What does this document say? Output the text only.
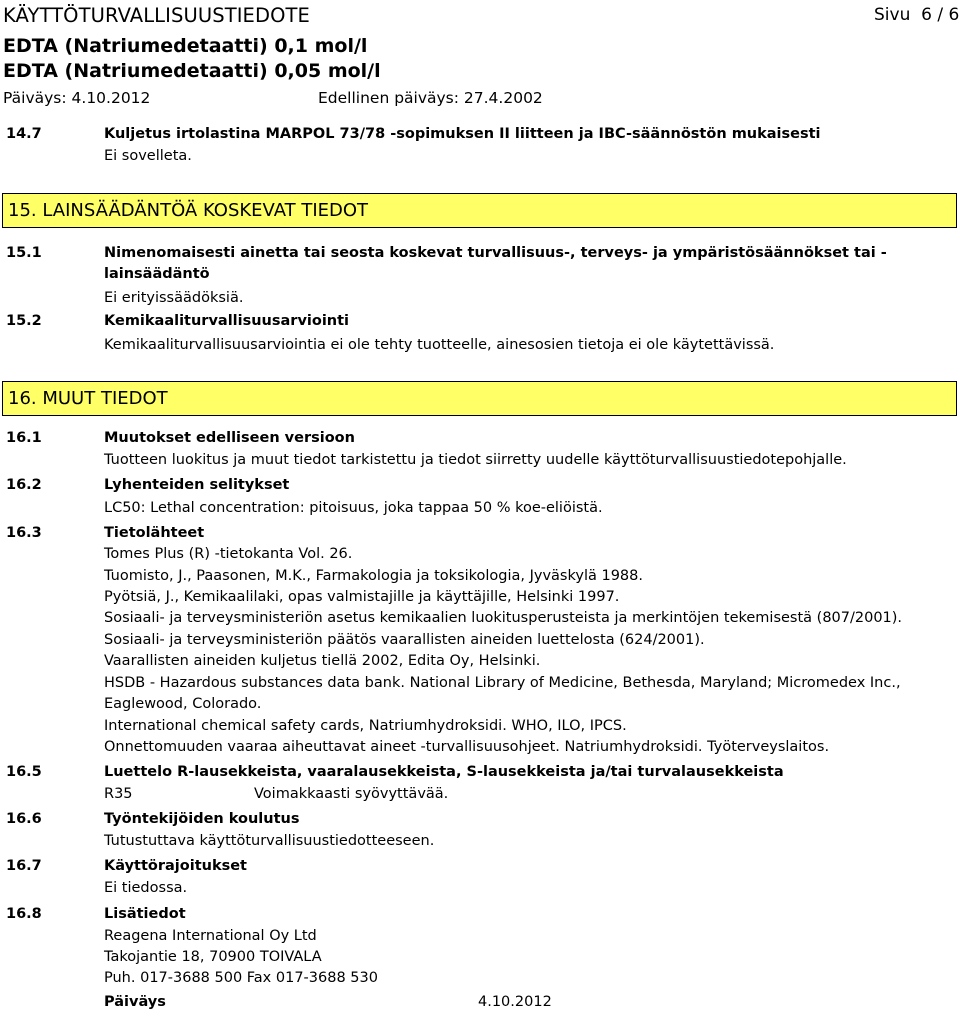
KÄYTTÖTURVALLISUUSTIEDOTE	Sivu 6 / 6
EDTA (Natriumedetaatti) 0,1 mol/l
EDTA (Natriumedetaatti) 0,05 mol/l
Päiväys: 4.10.2012	Edellinen päiväys: 27.4.2002
14.7	Kuljetus irtolastina MARPOL 73/78 -sopimuksen II liitteen ja IBC-säännöstön mukaisesti
Ei sovelleta.
15. LAINSÄÄDÄNTÖÄ KOSKEVAT TIEDOT
15.1	Nimenomaisesti ainetta tai seosta koskevat turvallisuus-, terveys- ja ympäristösäännökset tai -
lainsäädäntö
Ei erityissäädöksiä.
15.2	Kemikaaliturvallisuusarviointi
Kemikaaliturvallisuusarviointia ei ole tehty tuotteelle, ainesosien tietoja ei ole käytettävissä.
16. MUUT TIEDOT
16.1	Muutokset edelliseen versioon
Tuotteen luokitus ja muut tiedot tarkistettu ja tiedot siirretty uudelle käyttöturvallisuustiedotepohjalle.
16.2	Lyhenteiden selitykset
LC50: Lethal concentration: pitoisuus, joka tappaa 50 % koe-eliöistä.
16.3	Tietolähteet
Tomes Plus (R) -tietokanta Vol. 26.
Tuomisto, J., Paasonen, M.K., Farmakologia ja toksikologia, Jyväskylä 1988.
Pyötsiä, J., Kemikaalilaki, opas valmistajille ja käyttäjille, Helsinki 1997.
Sosiaali- ja terveysministeriön asetus kemikaalien luokitusperusteista ja merkintöjen tekemisestä (807/2001).
Sosiaali- ja terveysministeriön päätös vaarallisten aineiden luettelosta (624/2001).
Vaarallisten aineiden kuljetus tiellä 2002, Edita Oy, Helsinki.
HSDB - Hazardous substances data bank. National Library of Medicine, Bethesda, Maryland; Micromedex Inc.,
Eaglewood, Colorado.
International chemical safety cards, Natriumhydroksidi. WHO, ILO, IPCS.
Onnettomuuden vaaraa aiheuttavat aineet -turvallisuusohjeet. Natriumhydroksidi. Työterveyslaitos.
16.5	Luettelo R-lausekkeista, vaaralausekkeista, S-lausekkeista ja/tai turvalausekkeista
R35	Voimakkaasti syövyttävää.
16.6	Työntekijöiden koulutus
Tutustuttava käyttöturvallisuustiedotteeseen.
16.7	Käyttörajoitukset
Ei tiedossa.
16.8	Lisätiedot
Reagena International Oy Ltd
Takojantie 18, 70900 TOIVALA
Puh. 017-3688 500 Fax 017-3688 530
Päiväys	4.10.2012
